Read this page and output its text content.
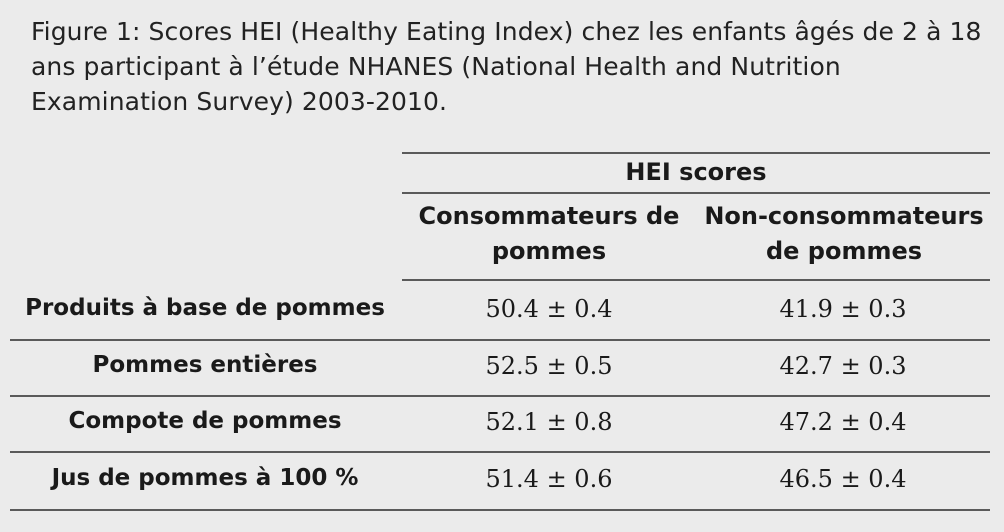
Figure 1: Scores HEI (Healthy Eating Index) chez les enfants âgés de 2 à 18 ans participant à l’étude NHANES (National Health and Nutrition Examination Survey) 2003-2010.
HEI scores
Consommateurs de pommes
Non-consommateurs de pommes
Produits à base de pommes	50.4 ± 0.4	41.9 ± 0.3
Pommes entières	52.5 ± 0.5	42.7 ± 0.3
Compote de pommes	52.1 ± 0.8	47.2 ± 0.4
Jus de pommes à 100 %	51.4 ± 0.6	46.5 ± 0.4
